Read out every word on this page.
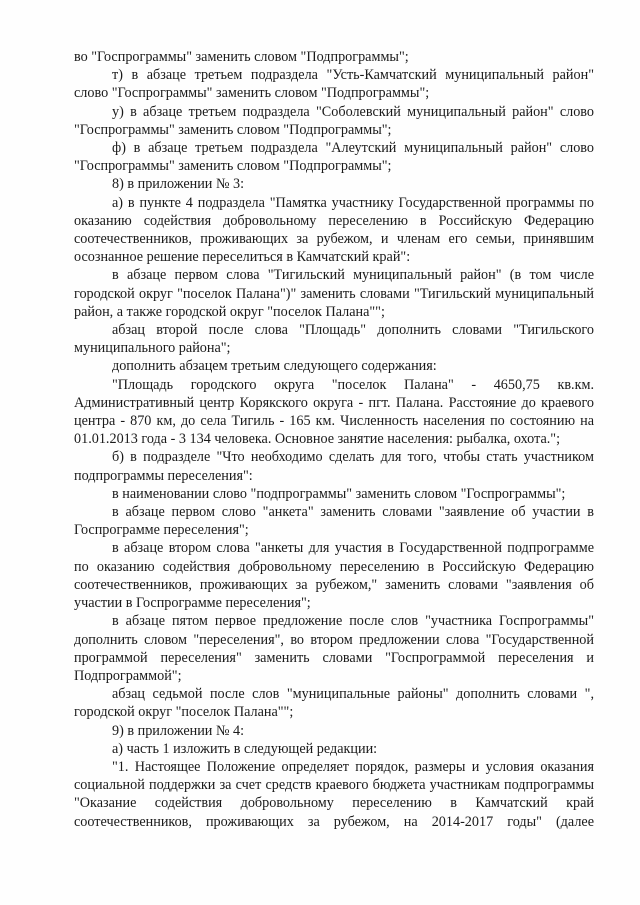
во "Госпрограммы" заменить словом "Подпрограммы";

т) в абзаце третьем подраздела "Усть-Камчатский муниципальный район" слово "Госпрограммы" заменить словом "Подпрограммы";

у) в абзаце третьем подраздела "Соболевский муниципальный район" слово "Госпрограммы" заменить словом "Подпрограммы";

ф) в абзаце третьем подраздела "Алеутский муниципальный район" слово "Госпрограммы" заменить словом "Подпрограммы";

8) в приложении № 3:

а) в пункте 4 подраздела "Памятка участнику Государственной программы по оказанию содействия добровольному переселению в Российскую Федерацию соотечественников, проживающих за рубежом, и членам его семьи, принявшим осознанное решение переселиться в Камчатский край":

в абзаце первом слова "Тигильский муниципальный район" (в том числе городской округ "поселок Палана")" заменить словами "Тигильский муниципальный район, а также городской округ "поселок Палана"";

абзац второй после слова "Площадь" дополнить словами "Тигильского муниципального района";

дополнить абзацем третьим следующего содержания:

"Площадь городского округа "поселок Палана" - 4650,75 кв.км. Административный центр Корякского округа - пгт. Палана. Расстояние до краевого центра - 870 км, до села Тигиль - 165 км. Численность населения по состоянию на 01.01.2013 года - 3 134 человека. Основное занятие населения: рыбалка, охота.";

б) в подразделе "Что необходимо сделать для того, чтобы стать участником подпрограммы переселения":

в наименовании слово "подпрограммы" заменить словом "Госпрограммы";

в абзаце первом слово "анкета" заменить словами "заявление об участии в Госпрограмме переселения";

в абзаце втором слова "анкеты для участия в Государственной подпрограмме по оказанию содействия добровольному переселению в Российскую Федерацию соотечественников, проживающих за рубежом," заменить словами "заявления об участии в Госпрограмме переселения";

в абзаце пятом первое предложение после слов "участника Госпрограммы" дополнить словом "переселения", во втором предложении слова "Государственной программой переселения" заменить словами "Госпрограммой переселения и Подпрограммой";

абзац седьмой после слов "муниципальные районы" дополнить словами ", городской округ "поселок Палана"";

9) в приложении № 4:

а) часть 1 изложить в следующей редакции:

"1. Настоящее Положение определяет порядок, размеры и условия оказания социальной поддержки за счет средств краевого бюджета участникам подпрограммы "Оказание содействия добровольному переселению в Камчатский край соотечественников, проживающих за рубежом, на 2014-2017 годы" (далее
